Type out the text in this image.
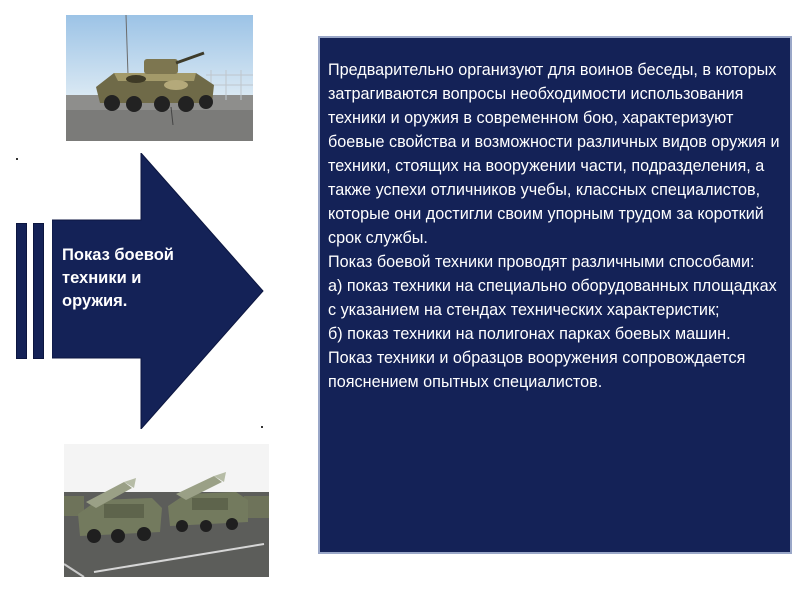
Показ боевой техники и оружия.

Предварительно организуют для воинов беседы, в которых затрагиваются вопросы необходимости использования техники и оружия в современном бою, характеризуют боевые свойства и возможности различных видов оружия и техники, стоящих на вооружении части, подразделения, а также успехи отличников учебы, классных специалистов, которые они достигли своим упорным трудом за короткий срок службы.

Показ боевой техники проводят различными способами:

а) показ техники на специально оборудованных площадках с указанием на стендах технических характеристик;

б) показ техники на полигонах парках боевых машин.

Показ техники и образцов вооружения сопровождается пояснением опытных специалистов.
